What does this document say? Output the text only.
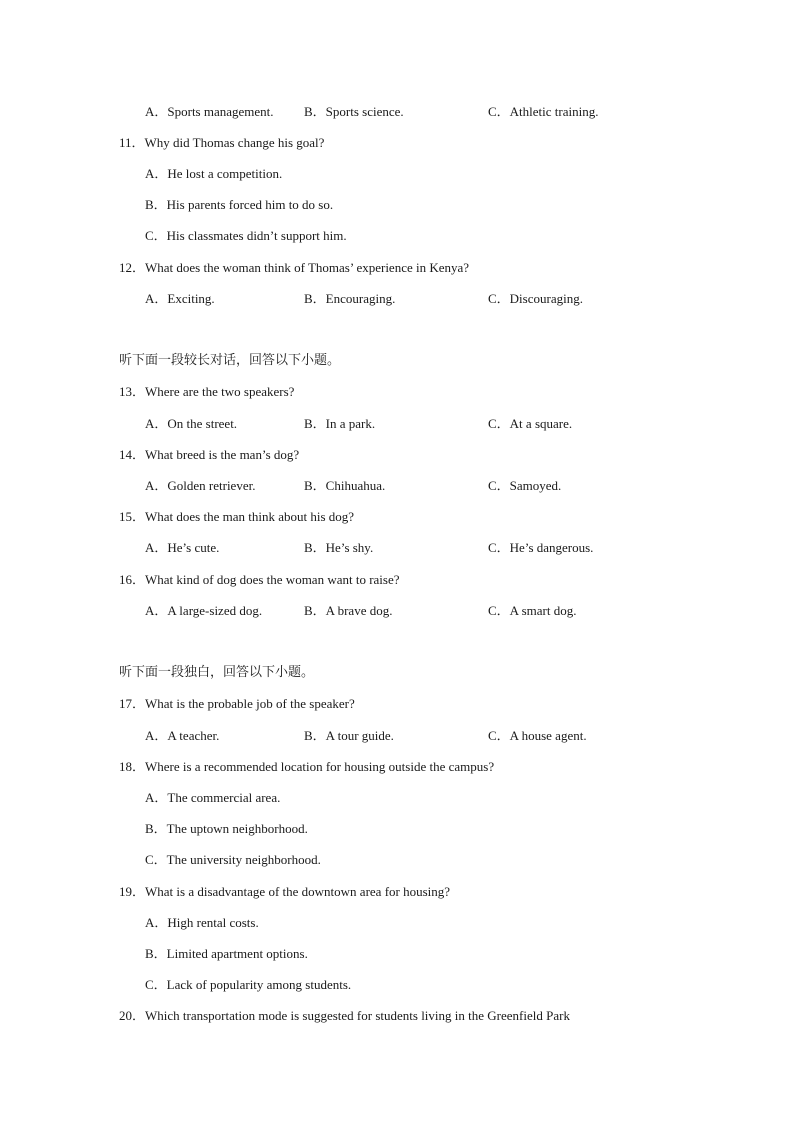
A．Sports management. B．Sports science.	C．Athletic training.
11．Why did Thomas change his goal?
A．He lost a competition.
B．His parents forced him to do so.
C．His classmates didn’t support him.
12．What does the woman think of Thomas’ experience in Kenya?
A．Exciting.	B．Encouraging.	C．Discouraging.
听下面一段较长对话，回答以下小题。
13．Where are the two speakers?
A．On the street.	B．In a park.	C．At a square.
14．What breed is the man’s dog?
A．Golden retriever.	B．Chihuahua.	C．Samoyed.
15．What does the man think about his dog?
A．He’s cute.	B．He’s shy.	C．He’s dangerous.
16．What kind of dog does the woman want to raise?
A．A large-sized dog.	B．A brave dog.	C．A smart dog.
听下面一段独白，回答以下小题。
17．What is the probable job of the speaker?
A．A teacher.	B．A tour guide.	C．A house agent.
18．Where is a recommended location for housing outside the campus?
A．The commercial area.
B．The uptown neighborhood.
C．The university neighborhood.
19．What is a disadvantage of the downtown area for housing?
A．High rental costs.
B．Limited apartment options.
C．Lack of popularity among students.
20．Which transportation mode is suggested for students living in the Greenfield Park
